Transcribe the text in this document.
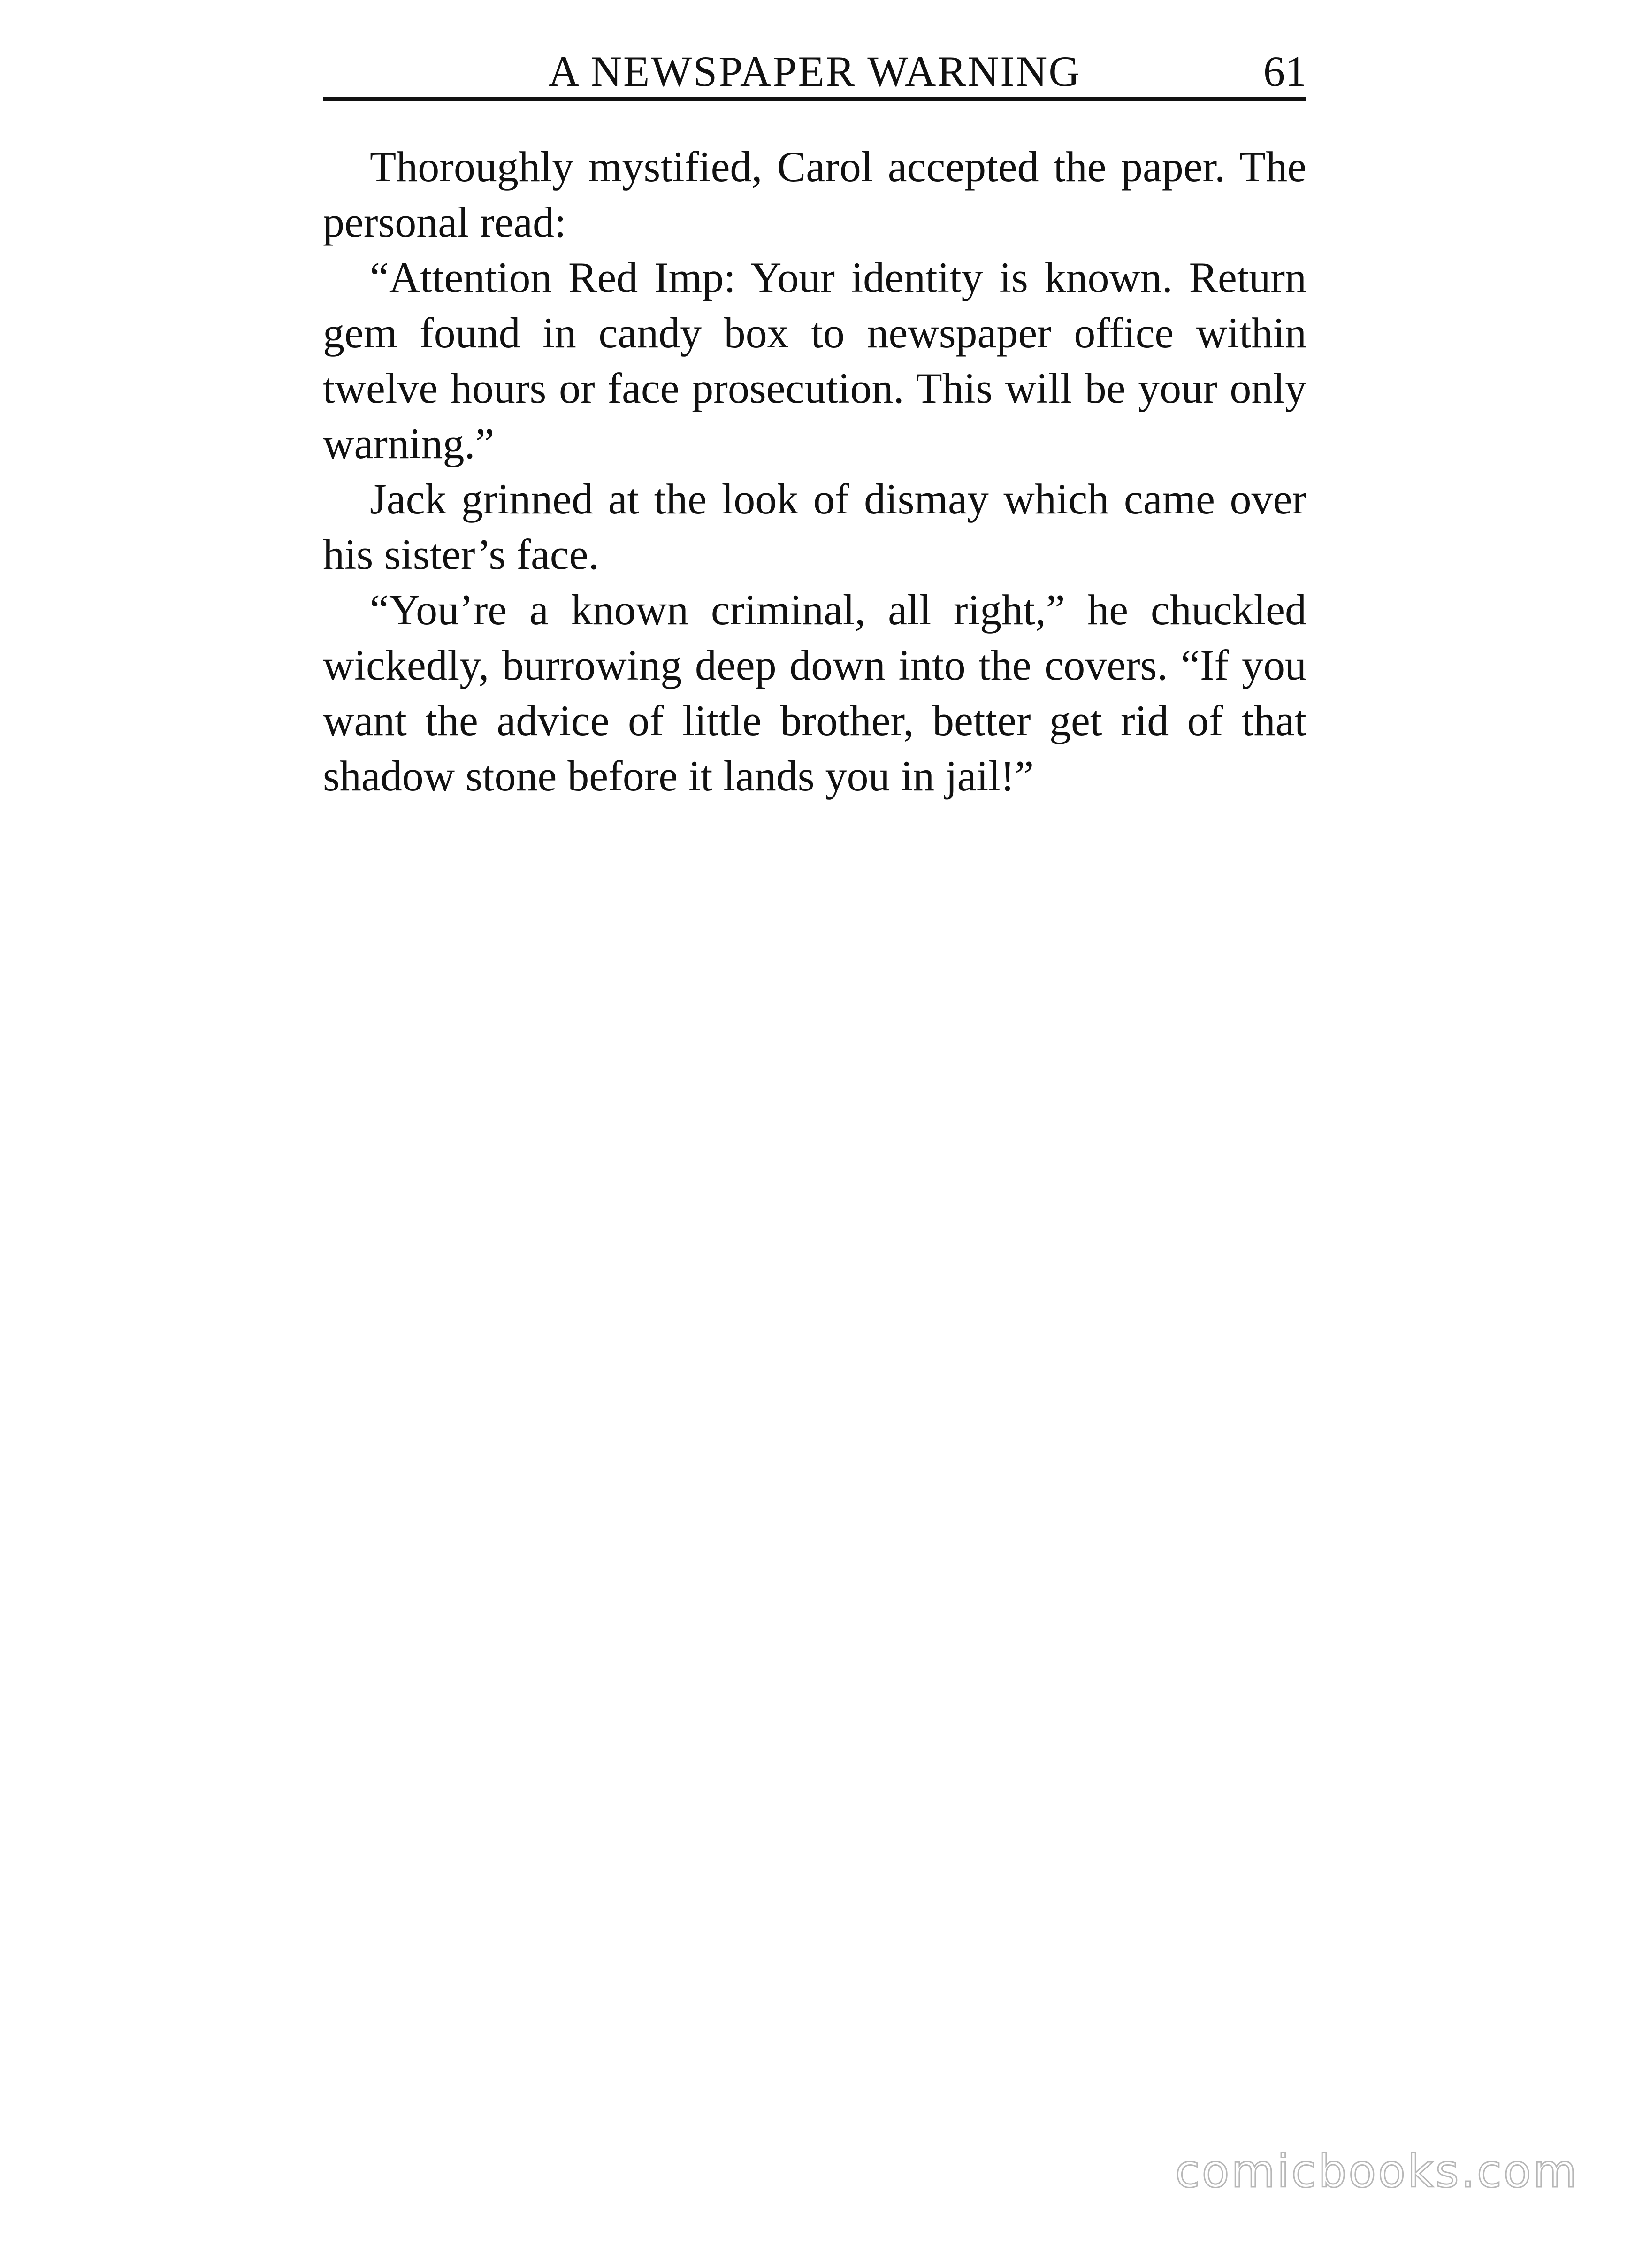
A NEWSPAPER WARNING	61

Thoroughly mystified, Carol accepted the paper. The personal read:

“Attention Red Imp: Your identity is known. Return gem found in candy box to newspaper office within twelve hours or face prosecution. This will be your only warning.”

Jack grinned at the look of dismay which came over his sister’s face.

“You’re a known criminal, all right,” he chuckled wickedly, burrowing deep down into the covers. “If you want the advice of little brother, better get rid of that shadow stone before it lands you in jail!”

comicbooks.com
